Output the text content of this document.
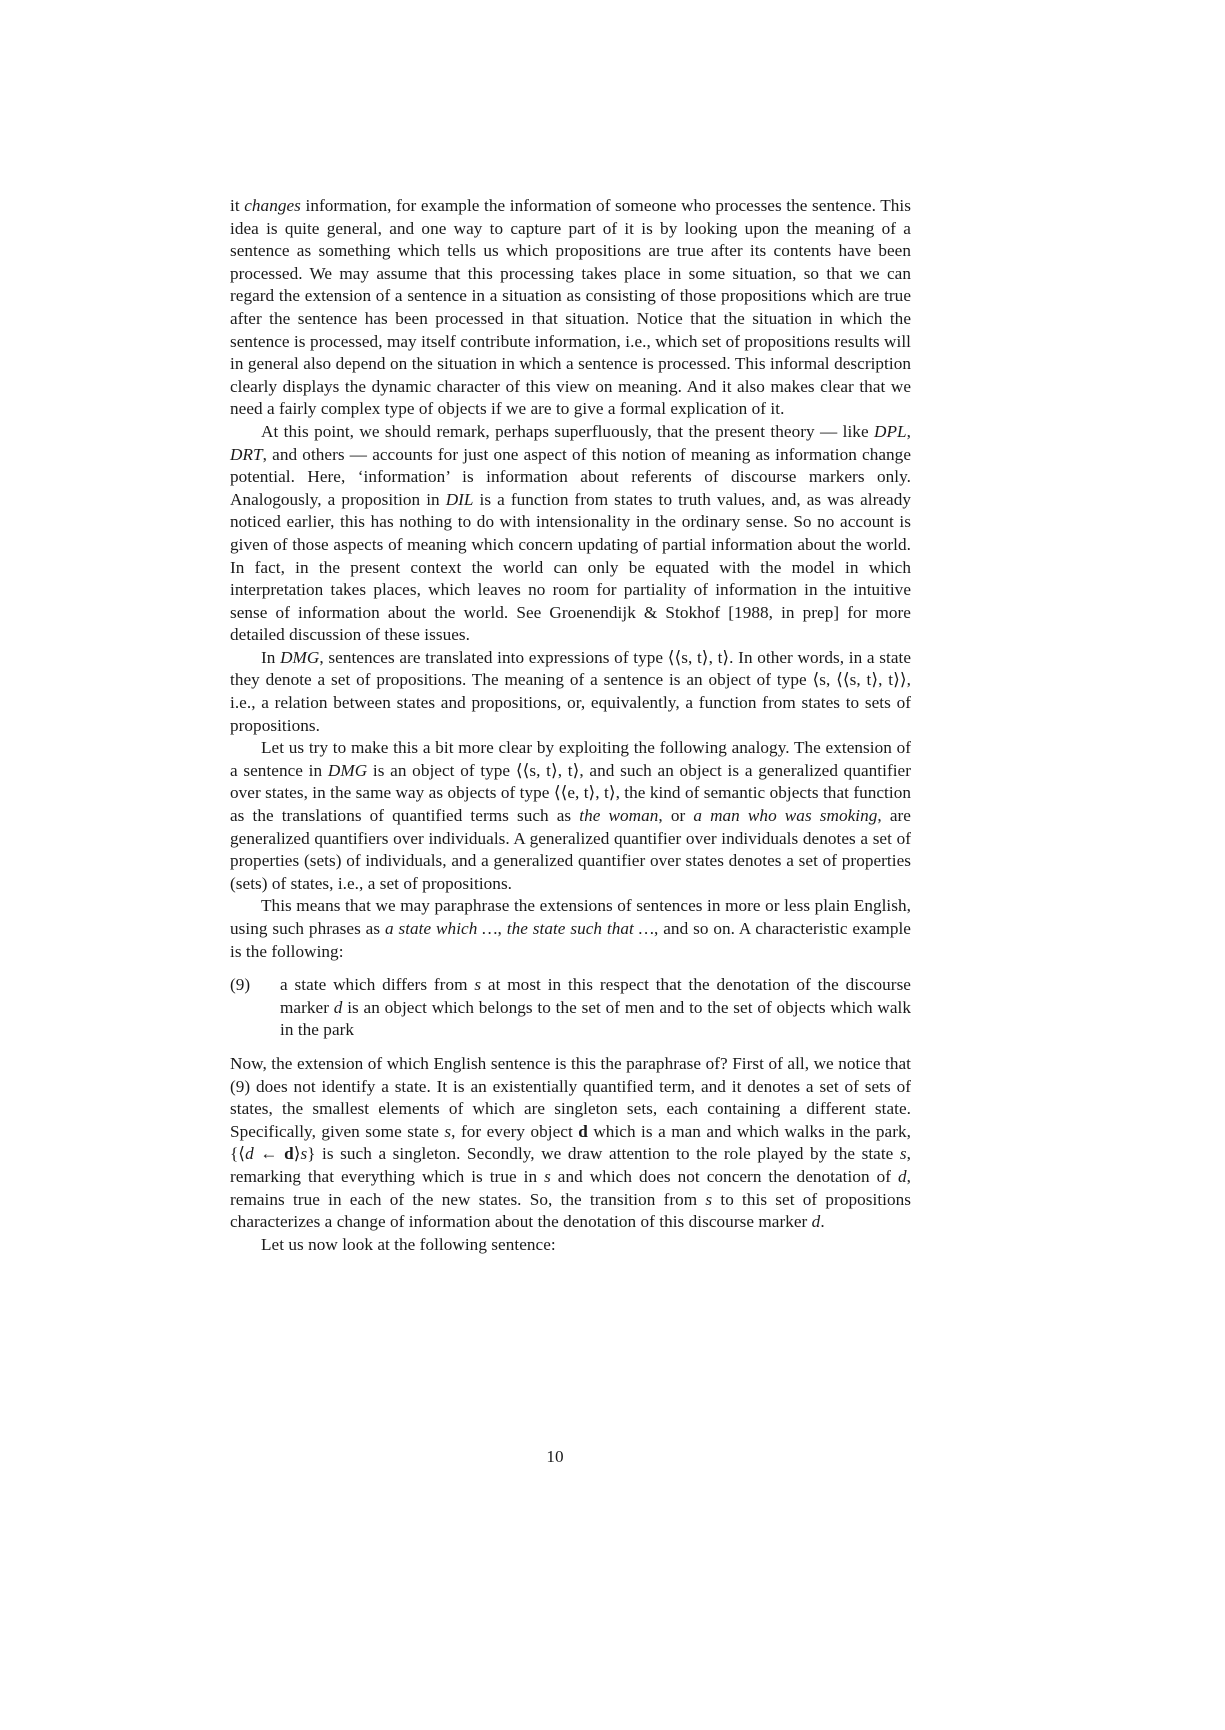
it changes information, for example the information of someone who processes the sentence. This idea is quite general, and one way to capture part of it is by looking upon the meaning of a sentence as something which tells us which propositions are true after its contents have been processed. We may assume that this processing takes place in some situation, so that we can regard the extension of a sentence in a situation as consisting of those propositions which are true after the sentence has been processed in that situation. Notice that the situation in which the sentence is processed, may itself contribute information, i.e., which set of propositions results will in general also depend on the situation in which a sentence is processed. This informal description clearly displays the dynamic character of this view on meaning. And it also makes clear that we need a fairly complex type of objects if we are to give a formal explication of it.

At this point, we should remark, perhaps superfluously, that the present theory — like DPL, DRT, and others — accounts for just one aspect of this notion of meaning as information change potential. Here, ‘information’ is information about referents of discourse markers only. Analogously, a proposition in DIL is a function from states to truth values, and, as was already noticed earlier, this has nothing to do with intensionality in the ordinary sense. So no account is given of those aspects of meaning which concern updating of partial information about the world. In fact, in the present context the world can only be equated with the model in which interpretation takes places, which leaves no room for partiality of information in the intuitive sense of information about the world. See Groenendijk & Stokhof [1988, in prep] for more detailed discussion of these issues.

In DMG, sentences are translated into expressions of type ⟨⟨s, t⟩, t⟩. In other words, in a state they denote a set of propositions. The meaning of a sentence is an object of type ⟨s, ⟨⟨s, t⟩, t⟩⟩, i.e., a relation between states and propositions, or, equivalently, a function from states to sets of propositions.

Let us try to make this a bit more clear by exploiting the following analogy. The extension of a sentence in DMG is an object of type ⟨⟨s, t⟩, t⟩, and such an object is a generalized quantifier over states, in the same way as objects of type ⟨⟨e, t⟩, t⟩, the kind of semantic objects that function as the translations of quantified terms such as the woman, or a man who was smoking, are generalized quantifiers over individuals. A generalized quantifier over individuals denotes a set of properties (sets) of individuals, and a generalized quantifier over states denotes a set of properties (sets) of states, i.e., a set of propositions.

This means that we may paraphrase the extensions of sentences in more or less plain English, using such phrases as a state which …, the state such that …, and so on. A characteristic example is the following:

(9)	a state which differs from s at most in this respect that the denotation of the discourse marker d is an object which belongs to the set of men and to the set of objects which walk in the park

Now, the extension of which English sentence is this the paraphrase of? First of all, we notice that (9) does not identify a state. It is an existentially quantified term, and it denotes a set of sets of states, the smallest elements of which are singleton sets, each containing a different state. Specifically, given some state s, for every object d which is a man and which walks in the park, {⟨d ← d⟩s} is such a singleton. Secondly, we draw attention to the role played by the state s, remarking that everything which is true in s and which does not concern the denotation of d, remains true in each of the new states. So, the transition from s to this set of propositions characterizes a change of information about the denotation of this discourse marker d.

Let us now look at the following sentence:

10
